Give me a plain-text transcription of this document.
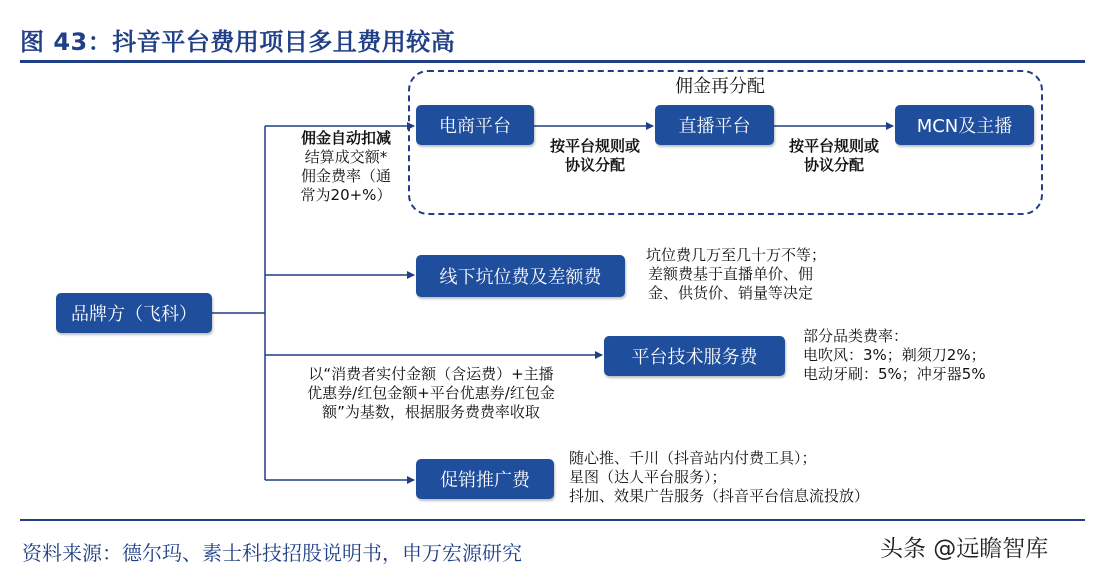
图 43：抖音平台费用项目多且费用较高
佣金再分配
品牌方（飞科）
佣金自动扣减
结算成交额*
佣金费率（通
常为20+%）
电商平台	直播平台	MCN及主播
按平台规则或
协议分配
按平台规则或
协议分配
线下坑位费及差额费
坑位费几万至几十万不等；
差额费基于直播单价、佣
金、供货价、销量等决定
平台技术服务费
以“消费者实付金额（含运费）+主播
优惠券/红包金额+平台优惠券/红包金
额”为基数，根据服务费费率收取
部分品类费率：
电吹风：3%；剃须刀2%；
电动牙刷：5%；冲牙器5%
促销推广费
随心推、千川（抖音站内付费工具）；
星图（达人平台服务）；
抖加、效果广告服务（抖音平台信息流投放）
资料来源：德尔玛、素士科技招股说明书，申万宏源研究	头条 @远瞻智库
